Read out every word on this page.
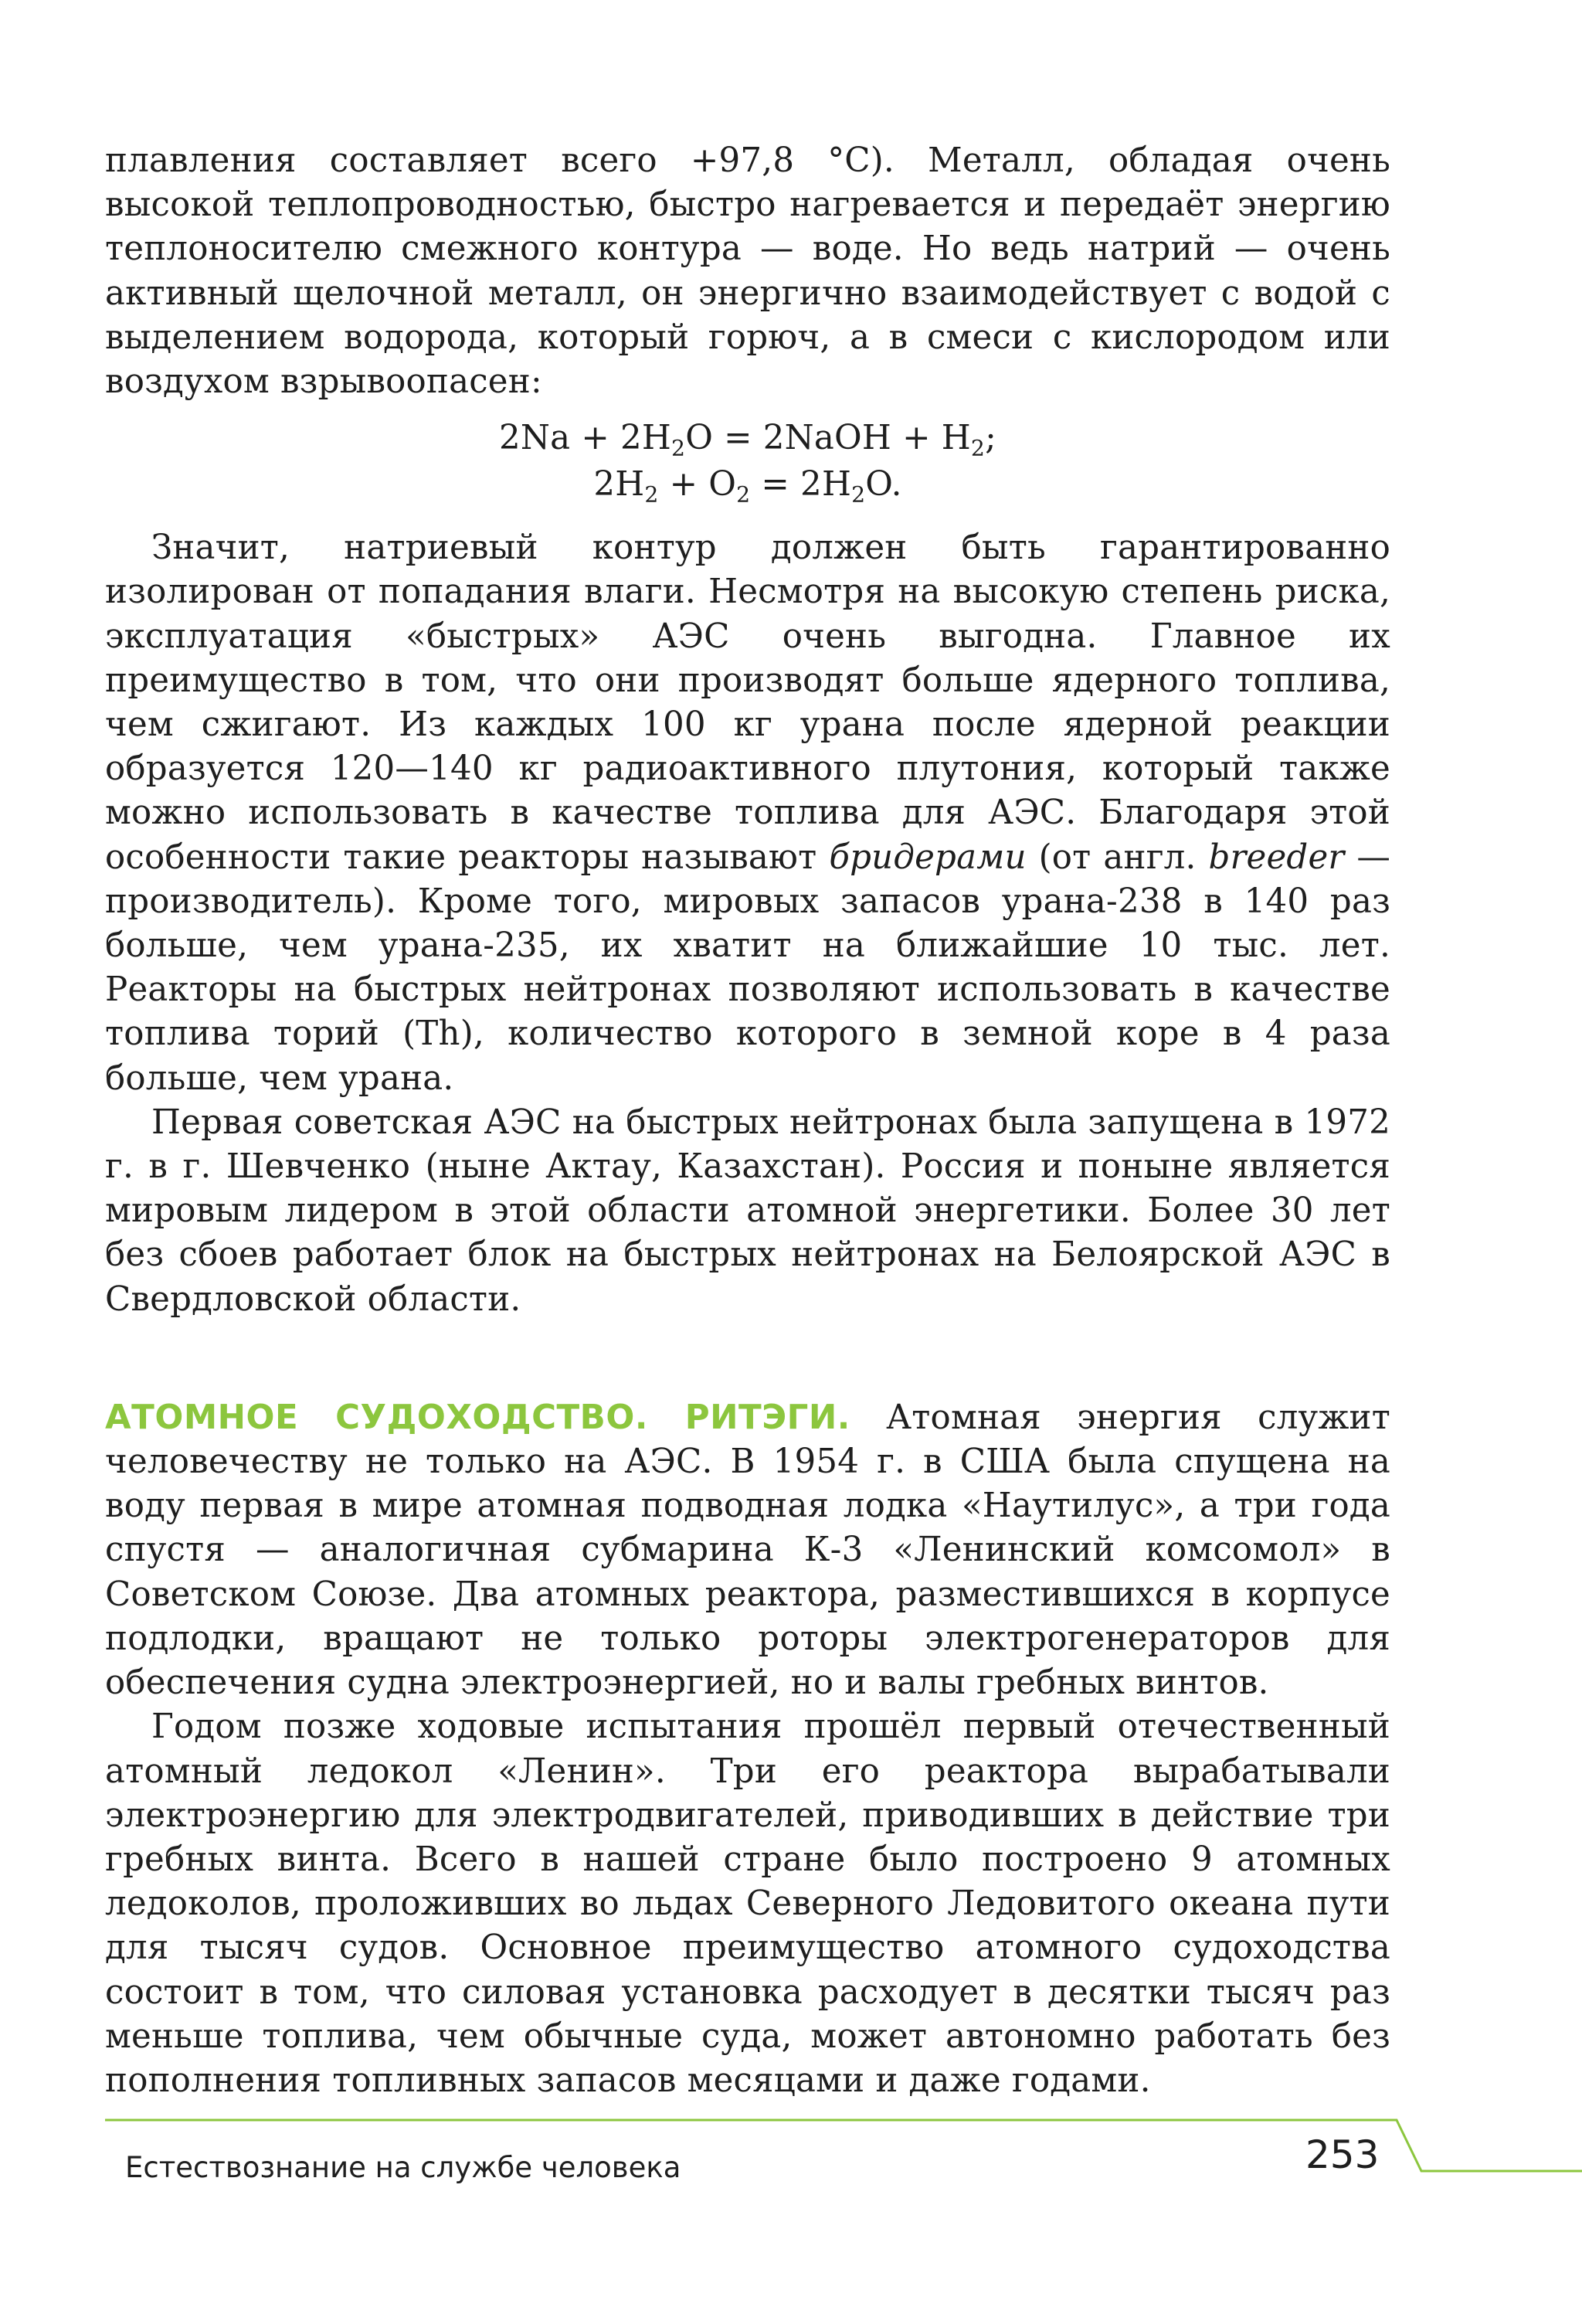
плавления составляет всего +97,8 °C). Металл, обладая очень высокой теплопроводностью, быстро нагревается и передаёт энергию теплоносителю смежного контура — воде. Но ведь натрий — очень активный щелочной металл, он энергично взаимодействует с водой с выделением водорода, который горюч, а в смеси с кислородом или воздухом взрывоопасен:

$2Na + 2H_2O$ = 2NaOH + $H_2$;
$2H_2 + O_2 = 2H_2O$.

Значит, натриевый контур должен быть гарантированно изолирован от попадания влаги. Несмотря на высокую степень риска, эксплуатация «быстрых» АЭС очень выгодна. Главное их преимущество в том, что они производят больше ядерного топлива, чем сжигают. Из каждых 100 кг урана после ядерной реакции образуется 120—140 кг радиоактивного плутония, который также можно использовать в качестве топлива для АЭС. Благодаря этой особенности такие реакторы называют бридерами (от англ. breeder — производитель). Кроме того, мировых запасов урана-238 в 140 раз больше, чем урана-235, их хватит на ближайшие 10 тыс. лет. Реакторы на быстрых нейтронах позволяют использовать в качестве топлива торий (Th), количество которого в земной коре в 4 раза больше, чем урана.

Первая советская АЭС на быстрых нейтронах была запущена в 1972 г. в г. Шевченко (ныне Актау, Казахстан). Россия и поныне является мировым лидером в этой области атомной энергетики. Более 30 лет без сбоев работает блок на быстрых нейтронах на Белоярской АЭС в Свердловской области.

АТОМНОЕ СУДОХОДСТВО. РИТЭГИ. Атомная энергия служит человечеству не только на АЭС. В 1954 г. в США была спущена на воду первая в мире атомная подводная лодка «Наутилус», а три года спустя — аналогичная субмарина К-3 «Ленинский комсомол» в Советском Союзе. Два атомных реактора, разместившихся в корпусе подлодки, вращают не только роторы электрогенераторов для обеспечения судна электроэнергией, но и валы гребных винтов.

Годом позже ходовые испытания прошёл первый отечественный атомный ледокол «Ленин». Три его реактора вырабатывали электроэнергию для электродвигателей, приводивших в действие три гребных винта. Всего в нашей стране было построено 9 атомных ледоколов, проложивших во льдах Северного Ледовитого океана пути для тысяч судов. Основное преимущество атомного судоходства состоит в том, что силовая установка расходует в десятки тысяч раз меньше топлива, чем обычные суда, может автономно работать без пополнения топливных запасов месяцами и даже годами.

Естествознание на службе человека	253
